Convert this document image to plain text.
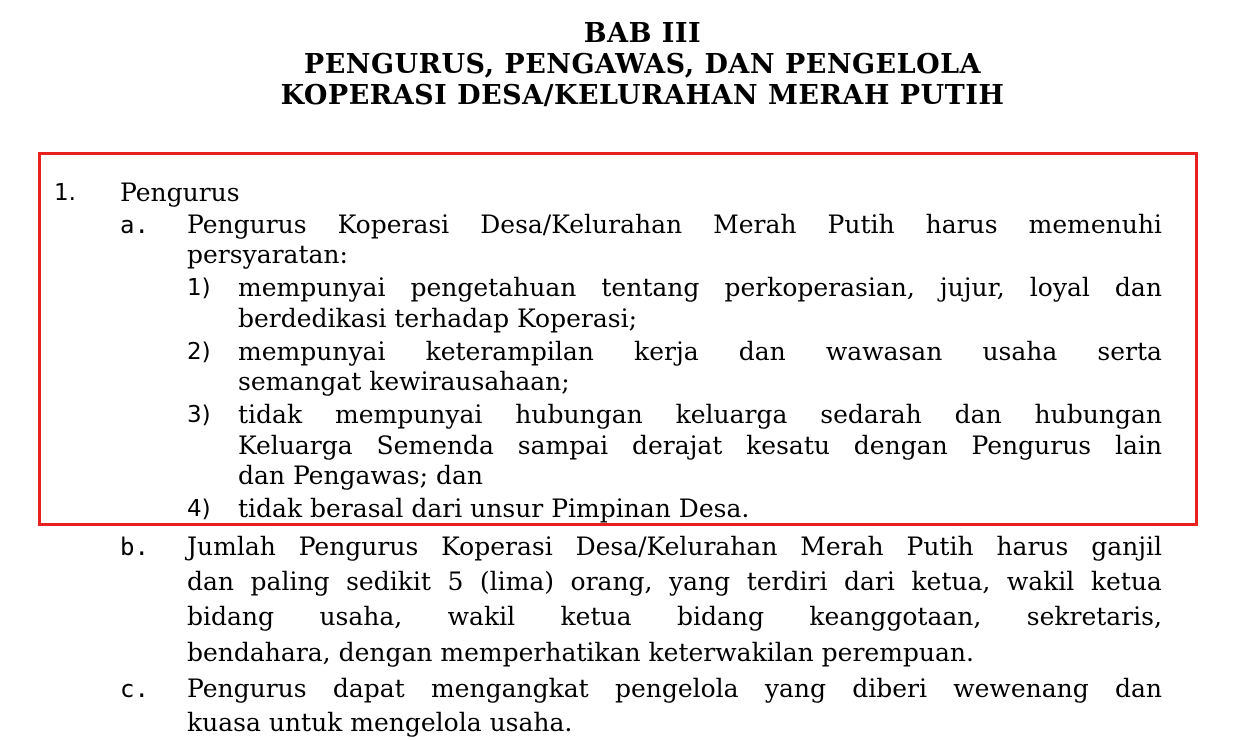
BAB III
PENGURUS, PENGAWAS, DAN PENGELOLA
KOPERASI DESA/KELURAHAN MERAH PUTIH
1. Pengurus
a. Pengurus Koperasi Desa/Kelurahan Merah Putih harus memenuhi
persyaratan:
1) mempunyai pengetahuan tentang perkoperasian, jujur, loyal dan
berdedikasi terhadap Koperasi;
2) mempunyai keterampilan kerja dan wawasan usaha serta
semangat kewirausahaan;
3) tidak mempunyai hubungan keluarga sedarah dan hubungan
Keluarga Semenda sampai derajat kesatu dengan Pengurus lain
dan Pengawas; dan
4) tidak berasal dari unsur Pimpinan Desa.
b. Jumlah Pengurus Koperasi Desa/Kelurahan Merah Putih harus ganjil
dan paling sedikit 5 (lima) orang, yang terdiri dari ketua, wakil ketua
bidang usaha, wakil ketua bidang keanggotaan, sekretaris,
bendahara, dengan memperhatikan keterwakilan perempuan.
c. Pengurus dapat mengangkat pengelola yang diberi wewenang dan
kuasa untuk mengelola usaha.
